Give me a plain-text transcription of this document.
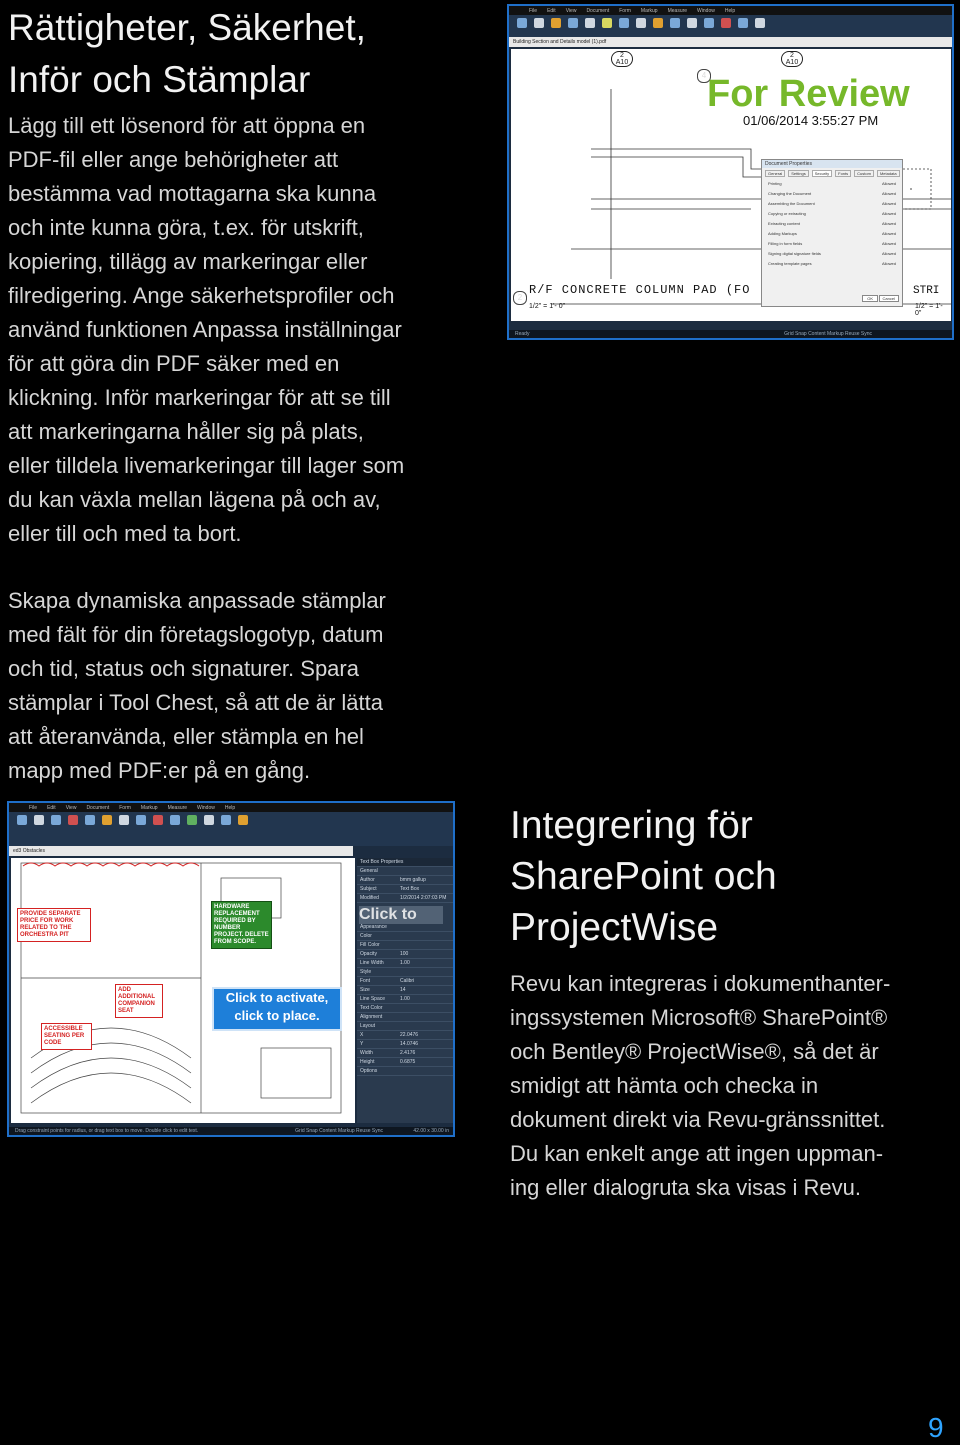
Rättigheter, Säkerhet,
Inför och Stämplar

Lägg till ett lösenord för att öppna en
PDF-fil eller ange behörigheter att
bestämma vad mottagarna ska kunna
och inte kunna göra, t.ex. för utskrift,
kopiering, tillägg av markeringar eller
filredigering. Ange säkerhetsprofiler och
använd funktionen Anpassa inställningar
för att göra din PDF säker med en
klickning. Inför markeringar för att se till
att markeringarna håller sig på plats,
eller tilldela livemarkeringar till lager som
du kan växla mellan lägena på och av,
eller till och med ta bort.

Skapa dynamiska anpassade stämplar
med fält för din företagslogotyp, datum
och tid, status och signaturer. Spara
stämplar i Tool Chest, så att de är lätta
att återanvända, eller stämpla en hel
mapp med PDF:er på en gång.

Integrering för
SharePoint och
ProjectWise

Revu kan integreras i dokumenthanter-
ingssystemen Microsoft® SharePoint®
och Bentley® ProjectWise®, så det är
smidigt att hämta och checka in
dokument direkt via Revu-gränssnittet.
Du kan enkelt ange att ingen uppman-
ing eller dialogruta ska visas i Revu.

File Edit View Document Form Markup Measure Window Help
Building Section and Details model (1).pdf
2
A10
2
A10
4
2
For Review
01/06/2014 3:55:27 PM
R/F CONCRETE COLUMN PAD (FO
1/2" = 1'- 0"	1/2" = 1'- 0"
STRI
Document Properties
General	Settings	Security	Fonts	Custom	Metadata
Printing	Allowed
Changing the Document	Allowed
Assembling the Document	Allowed
Copying or extracting	Allowed
Extracting content	Allowed
Adding Markups	Allowed
Filling in form fields	Allowed
Signing digital signature fields	Allowed
Creating template pages	Allowed
OK	Cancel
Ready	Grid Snap Content Markup Reuse Sync
File Edit View Document Form Markup Measure Window Help
ed3 Obstacles
PROVIDE SEPARATE PRICE FOR WORK RELATED TO THE ORCHESTRA PIT
HARDWARE REPLACEMENT REQUIRED BY NUMBER PROJECT. DELETE FROM SCOPE.
ADD ADDITIONAL COMPANION SEAT
ACCESSIBLE SEATING PER CODE
Click to activate,
click to place.
Text Box Properties
Click to
General
Author	bmm gallup
Subject	Text Box
Modified	1/2/2014 2:07:03 PM
Appearance
Color
Fill Color
Opacity	100
Line Width	1.00
Style
Font	Calibri
Size	14
Line Space	1.00
Text Color
Alignment
Layout
X	22.0476
Y	14.0746
Width	2.4176
Height	0.6875
Options
Drag constraint points for radius, or drag text box to move. Double click to edit text.	Grid Snap Content Markup Reuse Sync	42.00 x 30.00 in
9
